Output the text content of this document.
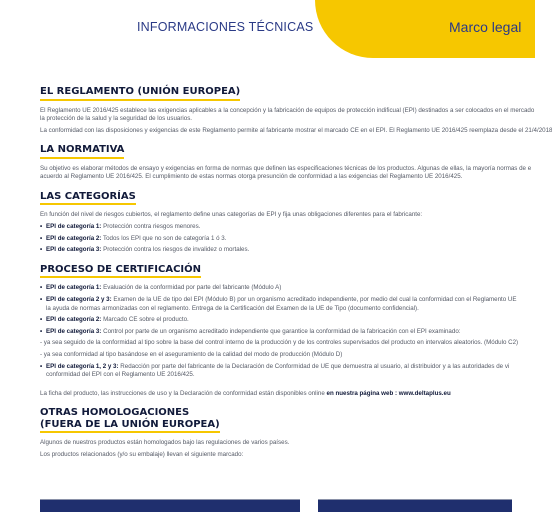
INFORMACIONES TÉCNICAS	Marco legal
EL REGLAMENTO (UNIÓN EUROPEA)

El Reglamento UE 2016/425 establece las exigencias aplicables a la concepción y la fabricación de equipos de protección indificual (EPI) destinados a ser colocados en el mercado

la protección de la salud y la seguridad de los usuarios.

La conformidad con las disposiciones y exigencias de este Reglamento permite al fabricante mostrar el marcado CE en el EPI. El Reglamento UE 2016/425 reemplaza desde el 21/4/2018

LA NORMATIVA

Su objetivo es elaborar métodos de ensayo y exigencias en forma de normas que definen las especificaciones técnicas de los productos. Algunas de ellas, la mayoría normas de e

acuerdo al Reglamento UE 2016/425. El cumplimiento de estas normas otorga presunción de conformidad a las exigencias del Reglamento UE 2016/425.

LAS CATEGORÍAS

En función del nivel de riesgos cubiertos, el reglamento define unas categorías de EPI y fija unas obligaciones diferentes para el fabricante:

• EPI de categoría 1: Protección contra riesgos menores.
• EPI de categoría 2: Todos los EPI que no son de categoría 1 ó 3.
• EPI de categoría 3: Protección contra los riesgos de invalidez o mortales.
PROCESO DE CERTIFICACIÓN
• EPI de categoría 1: Evaluación de la conformidad por parte del fabricante (Módulo A)
• EPI de categoría 2 y 3: Examen de la UE de tipo del EPI (Módulo B) por un organismo acreditado independiente, por medio del cual la conformidad con el Reglamento UE
la ayuda de normas armonizadas con el reglamento. Entrega de la Certificación del Examen de la UE de Tipo (documento confidencial).
• EPI de categoría 2: Marcado CE sobre el producto.
• EPI de categoría 3: Control por parte de un organismo acreditado independiente que garantice la conformidad de la fabricación con el EPI examinado:

- ya sea seguido de la conformidad al tipo sobre la base del control interno de la producción y de los controles supervisados del producto en intervalos aleatorios. (Módulo C2)

- ya sea conformidad al tipo basándose en el aseguramiento de la calidad del modo de producción (Módulo D)

• EPI de categoría 1, 2 y 3: Redacción por parte del fabricante de la Declaración de Conformidad de UE que demuestra al usuario, al distribuidor y a las autoridades de vi
conformidad del EPI con el Reglamento UE 2016/425.

La ficha del producto, las instrucciones de uso y la Declaración de conformidad están disponibles online en nuestra página web : www.deltaplus.eu

OTRAS HOMOLOGACIONES
(FUERA DE LA UNIÓN EUROPEA)

Algunos de nuestros productos están homologados bajo las regulaciones de varios países.

Los productos relacionados (y/o su embalaje) llevan el siguiente marcado:
